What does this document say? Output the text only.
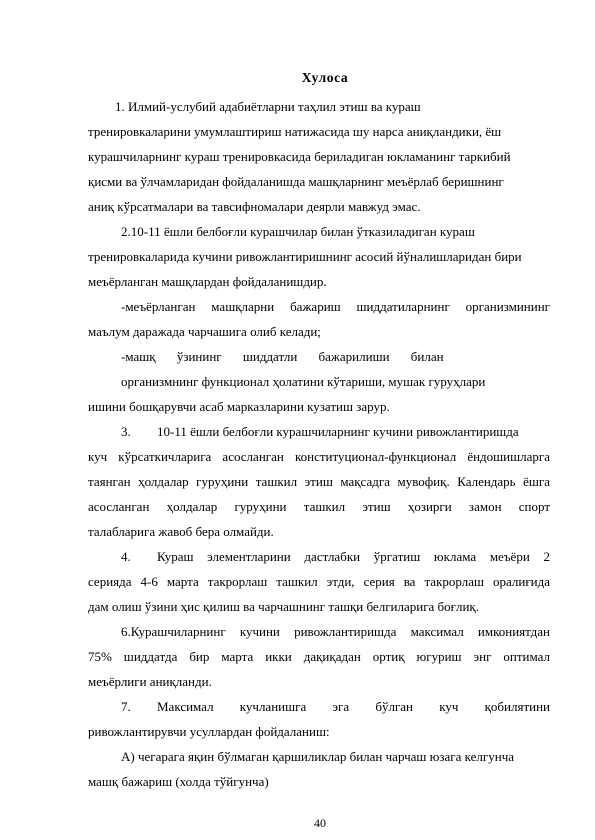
Хулоса
1. Илмий-услубий адабиётларни таҳлил этиш ва кураш
тренировкаларини умумлаштириш натижасида шу нарса аниқландики, ёш
курашчиларнинг кураш тренировкасида бериладиган юкламанинг таркибий
қисми ва ўлчамларидан фойдаланишда машқларнинг меъёрлаб беришнинг
аниқ кўрсатмалари ва тавсифномалари деярли мавжуд эмас.
2.10-11 ёшли белбоғли курашчилар билан ўтказиладиган кураш
тренировкаларида кучини ривожлантиришнинг асосий йўналишларидан бири
меъёрланган машқлардан фойдаланишдир.
-меъёрланган машқларни бажариш шиддатиларнинг организмининг
маълум даражада чарчашига олиб келади;
-машқ ўзининг шиддатли бажарилиши билан
организмнинг функционал ҳолатини кўтариши, мушак гуруҳлари
ишини бошқарувчи асаб марказларини кузатиш зарур.
3. 10-11 ёшли белбоғли курашчиларнинг кучини ривожлантиришда
куч кўрсаткичларига асосланган конституционал-функционал ёндошишларга
таянган ҳолдалар гуруҳини ташкил этиш мақсадга мувофиқ. Календарь ёшга
асосланган ҳолдалар гуруҳини ташкил этиш ҳозирги замон спорт
талабларига жавоб бера олмайди.
4. Кураш элементларини дастлабки ўргатиш юклама меъёри 2
серияда 4-6 марта такрорлаш ташкил этди, серия ва такрорлаш оралиғида
дам олиш ўзини ҳис қилиш ва чарчашнинг ташқи белгиларига боғлиқ.
6.Курашчиларнинг кучини ривожлантиришда максимал имкониятдан
75% шиддатда бир марта икки дақиқадан ортиқ югуриш энг оптимал
меъёрлиги аниқланди.
7. Максимал кучланишга эга бўлган куч қобилятини
ривожлантирувчи усуллардан фойдаланиш:
А) чегарага яқин бўлмаган қаршиликлар билан чарчаш юзага келгунча
машқ бажариш (холда тўйгунча)
40
